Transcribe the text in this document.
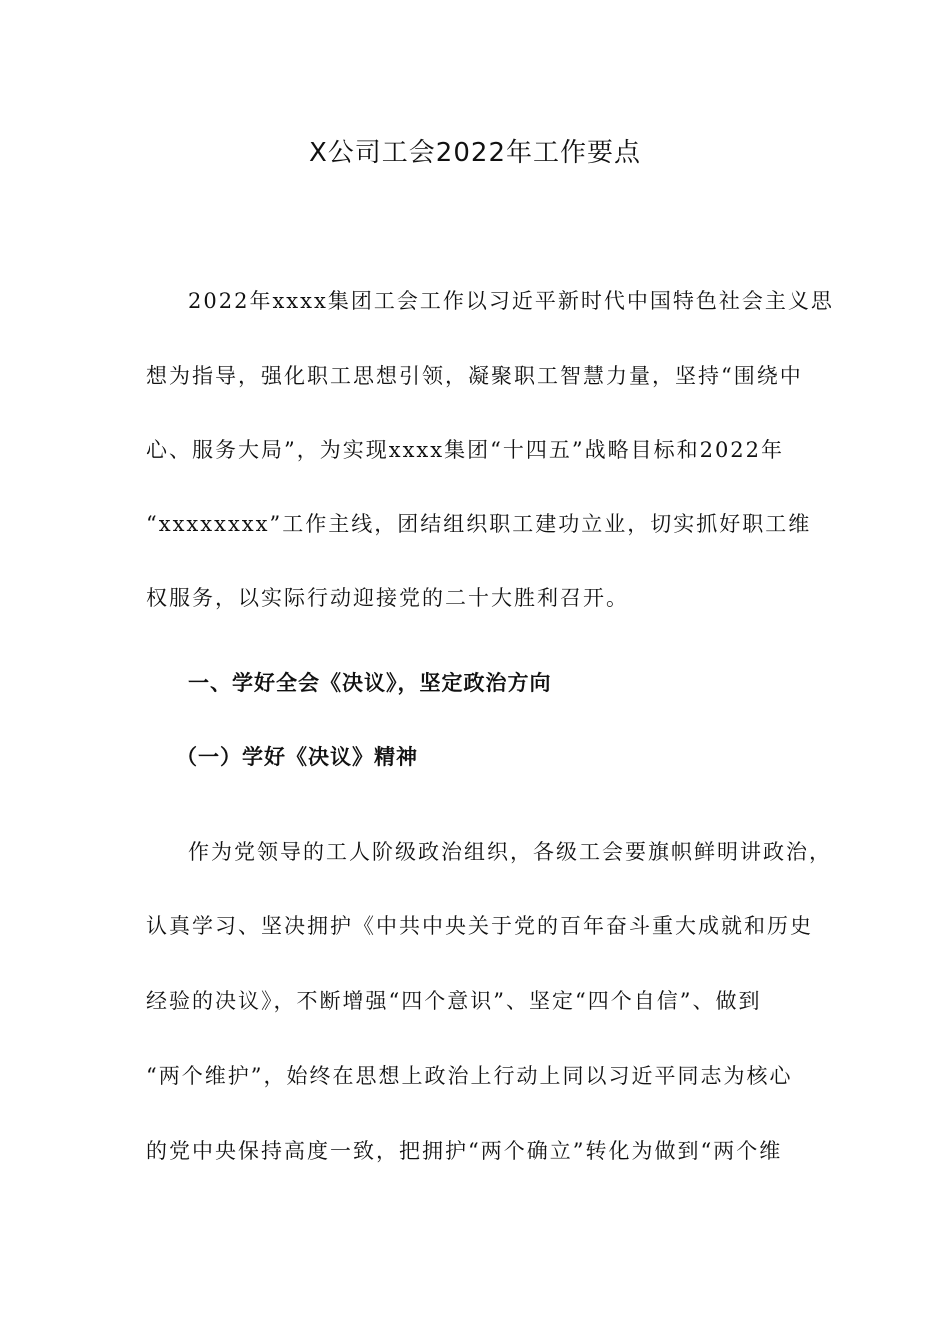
X公司工会2022年工作要点

2022年xxxx集团工会工作以习近平新时代中国特色社会主义思

想为指导，强化职工思想引领，凝聚职工智慧力量，坚持“围绕中

心、服务大局”，为实现xxxx集团“十四五”战略目标和2022年

“xxxxxxxx”工作主线，团结组织职工建功立业，切实抓好职工维

权服务，以实际行动迎接党的二十大胜利召开。

一、学好全会《决议》，坚定政治方向
（一）学好《决议》精神

作为党领导的工人阶级政治组织，各级工会要旗帜鲜明讲政治，

认真学习、坚决拥护《中共中央关于党的百年奋斗重大成就和历史

经验的决议》，不断增强“四个意识”、坚定“四个自信”、做到

“两个维护”，始终在思想上政治上行动上同以习近平同志为核心

的党中央保持高度一致，把拥护“两个确立”转化为做到“两个维
